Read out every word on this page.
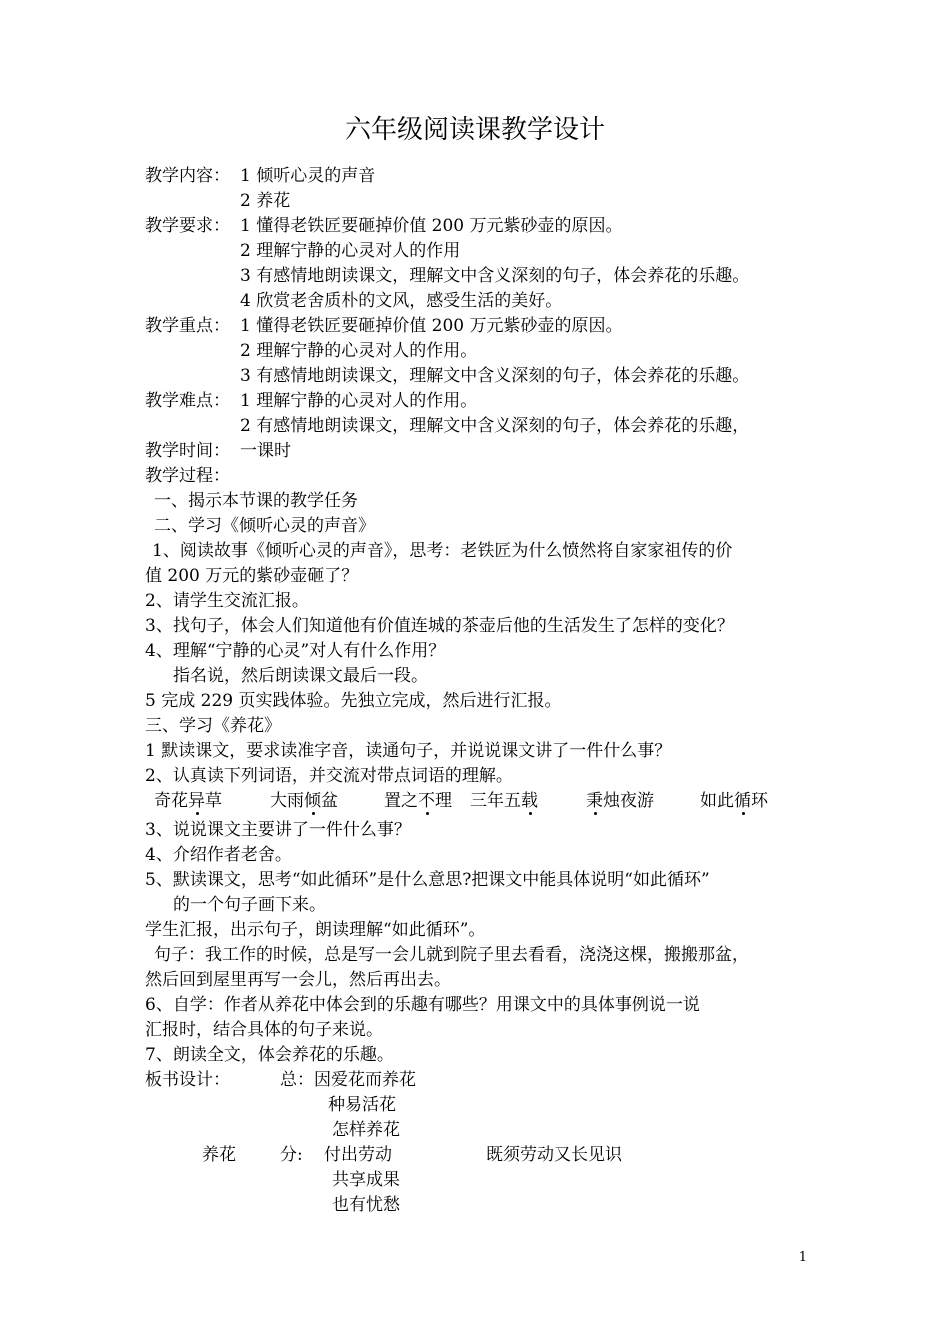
六年级阅读课教学设计
教学内容： 1 倾听心灵的声音
2 养花
教学要求： 1 懂得老铁匠要砸掉价值 200 万元紫砂壶的原因。
2 理解宁静的心灵对人的作用
3 有感情地朗读课文，理解文中含义深刻的句子，体会养花的乐趣。
4 欣赏老舍质朴的文风，感受生活的美好。
教学重点： 1 懂得老铁匠要砸掉价值 200 万元紫砂壶的原因。
2 理解宁静的心灵对人的作用。
3 有感情地朗读课文，理解文中含义深刻的句子，体会养花的乐趣。
教学难点： 1 理解宁静的心灵对人的作用。
2 有感情地朗读课文，理解文中含义深刻的句子，体会养花的乐趣，
教学时间： 一课时
教学过程：
一、揭示本节课的教学任务
二、学习《倾听心灵的声音》
1、阅读故事《倾听心灵的声音》，思考：老铁匠为什么愤然将自家家祖传的价
值 200 万元的紫砂壶砸了？
2、请学生交流汇报。
3、找句子，体会人们知道他有价值连城的茶壶后他的生活发生了怎样的变化？
4、理解“宁静的心灵”对人有什么作用？
指名说，然后朗读课文最后一段。
5 完成 229 页实践体验。先独立完成，然后进行汇报。
三、学习《养花》
1 默读课文，要求读准字音，读通句子，并说说课文讲了一件什么事？
2、认真读下列词语，并交流对带点词语的理解。
奇花异草	大雨倾盆	置之不理 三年五载	秉烛夜游	如此循环
3、说说课文主要讲了一件什么事？
4、介绍作者老舍。
5、默读课文，思考“如此循环”是什么意思?把课文中能具体说明“如此循环”
的一个句子画下来。
学生汇报，出示句子，朗读理解“如此循环”。
句子：我工作的时候，总是写一会儿就到院子里去看看，浇浇这棵，搬搬那盆，
然后回到屋里再写一会儿，然后再出去。
6、自学：作者从养花中体会到的乐趣有哪些？用课文中的具体事例说一说
汇报时，结合具体的句子来说。
7、朗读全文，体会养花的乐趣。
板书设计：	总：因爱花而养花
种易活花
怎样养花
养花	分: 付出劳动	既须劳动又长见识
共享成果
也有忧愁
1
